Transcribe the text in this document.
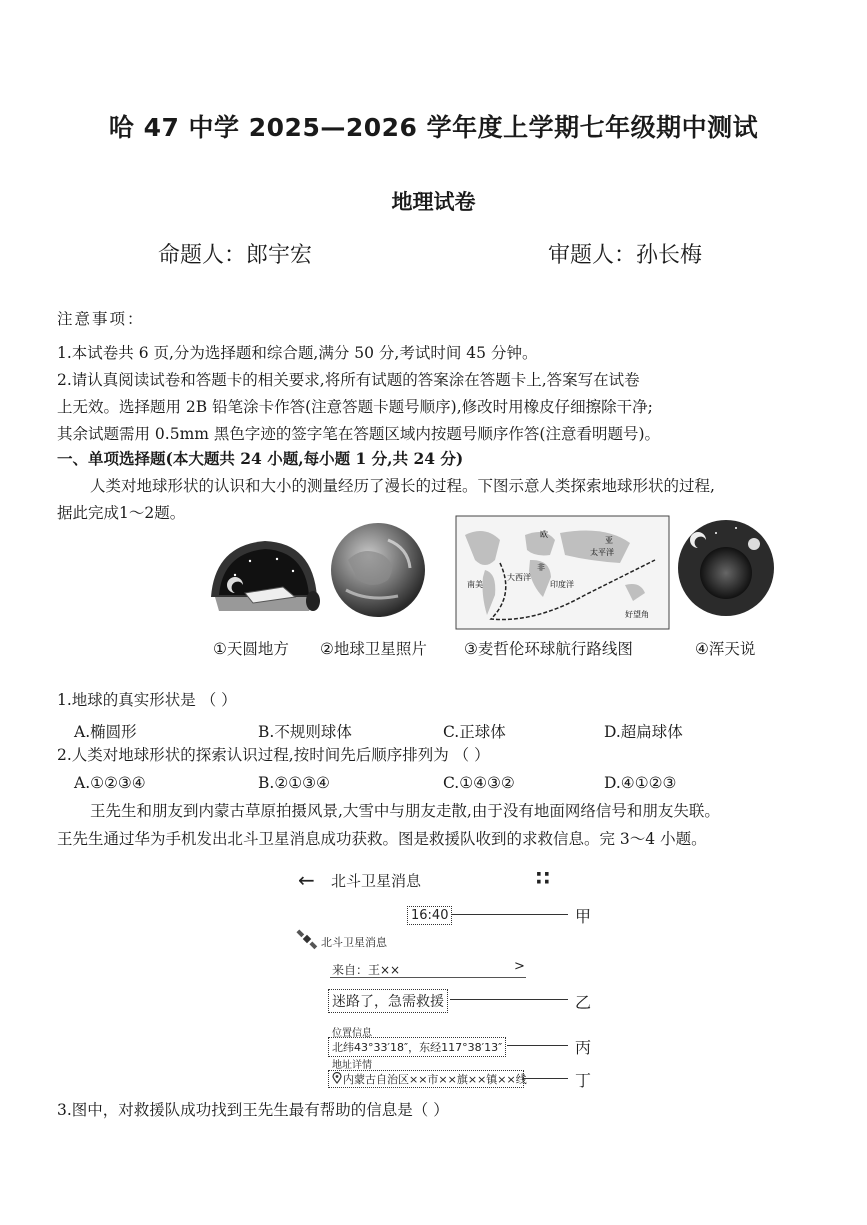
哈 47 中学 2025—2026 学年度上学期七年级期中测试
地理试卷
命题人：郎宇宏	审题人：孙长梅
注意事项：
1.本试卷共 6 页,分为选择题和综合题,满分 50 分,考试时间 45 分钟。
2.请认真阅读试卷和答题卡的相关要求,将所有试题的答案涂在答题卡上,答案写在试卷
上无效。选择题用 2B 铅笔涂卡作答(注意答题卡题号顺序),修改时用橡皮仔细擦除干净;
其余试题需用 0.5mm 黑色字迹的签字笔在答题区域内按题号顺序作答(注意看明题号)。
一、单项选择题(本大题共 24 小题,每小题 1 分,共 24 分)
人类对地球形状的认识和大小的测量经历了漫长的过程。下图示意人类探索地球形状的过程,
据此完成1～2题。
太平洋
大西洋
印度洋
好望角
亚
欧
非
南美
①天圆地方 ②地球卫星照片 ③麦哲伦环球航行路线图	④浑天说
1.地球的真实形状是 （ ）
A.椭圆形	B.不规则球体	C.正球体	D.超扁球体
2.人类对地球形状的探索认识过程,按时间先后顺序排列为 （ ）
A.①②③④	B.②①③④	C.①④③②	D.④①②③
王先生和朋友到内蒙古草原拍摄风景,大雪中与朋友走散,由于没有地面网络信号和朋友失联。
王先生通过华为手机发出北斗卫星消息成功获救。图是救援队收到的求救信息。完 3～4 小题。
← 北斗卫星消息	∷
16:40	甲
北斗卫星消息
来自：王××	>
迷路了，急需救援	乙
位置信息
北纬43°33′18″，东经117°38′13″	丙
地址详情
内蒙古自治区××市××旗××镇××线	丁
3.图中，对救援队成功找到王先生最有帮助的信息是（ ）
